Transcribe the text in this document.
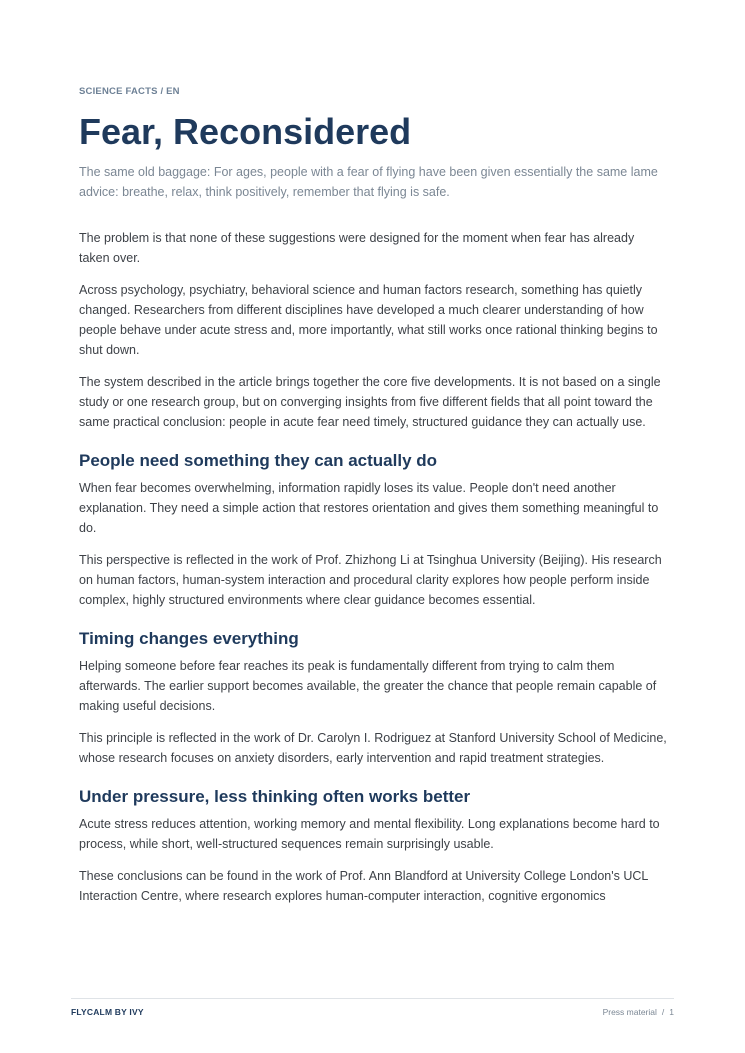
SCIENCE FACTS / EN
Fear, Reconsidered

The same old baggage: For ages, people with a fear of flying have been given essentially the same lame advice: breathe, relax, think positively, remember that flying is safe.

The problem is that none of these suggestions were designed for the moment when fear has already taken over.

Across psychology, psychiatry, behavioral science and human factors research, something has quietly changed. Researchers from different disciplines have developed a much clearer understanding of how people behave under acute stress and, more importantly, what still works once rational thinking begins to shut down.

The system described in the article brings together the core five developments. It is not based on a single study or one research group, but on converging insights from five different fields that all point toward the same practical conclusion: people in acute fear need timely, structured guidance they can actually use.

People need something they can actually do

When fear becomes overwhelming, information rapidly loses its value. People don't need another explanation. They need a simple action that restores orientation and gives them something meaningful to do.

This perspective is reflected in the work of Prof. Zhizhong Li at Tsinghua University (Beijing). His research on human factors, human-system interaction and procedural clarity explores how people perform inside complex, highly structured environments where clear guidance becomes essential.

Timing changes everything

Helping someone before fear reaches its peak is fundamentally different from trying to calm them afterwards. The earlier support becomes available, the greater the chance that people remain capable of making useful decisions.

This principle is reflected in the work of Dr. Carolyn I. Rodriguez at Stanford University School of Medicine, whose research focuses on anxiety disorders, early intervention and rapid treatment strategies.

Under pressure, less thinking often works better

Acute stress reduces attention, working memory and mental flexibility. Long explanations become hard to process, while short, well-structured sequences remain surprisingly usable.

These conclusions can be found in the work of Prof. Ann Blandford at University College London's UCL Interaction Centre, where research explores human-computer interaction, cognitive ergonomics

FLYCALM BY IVY	Press material / 1
